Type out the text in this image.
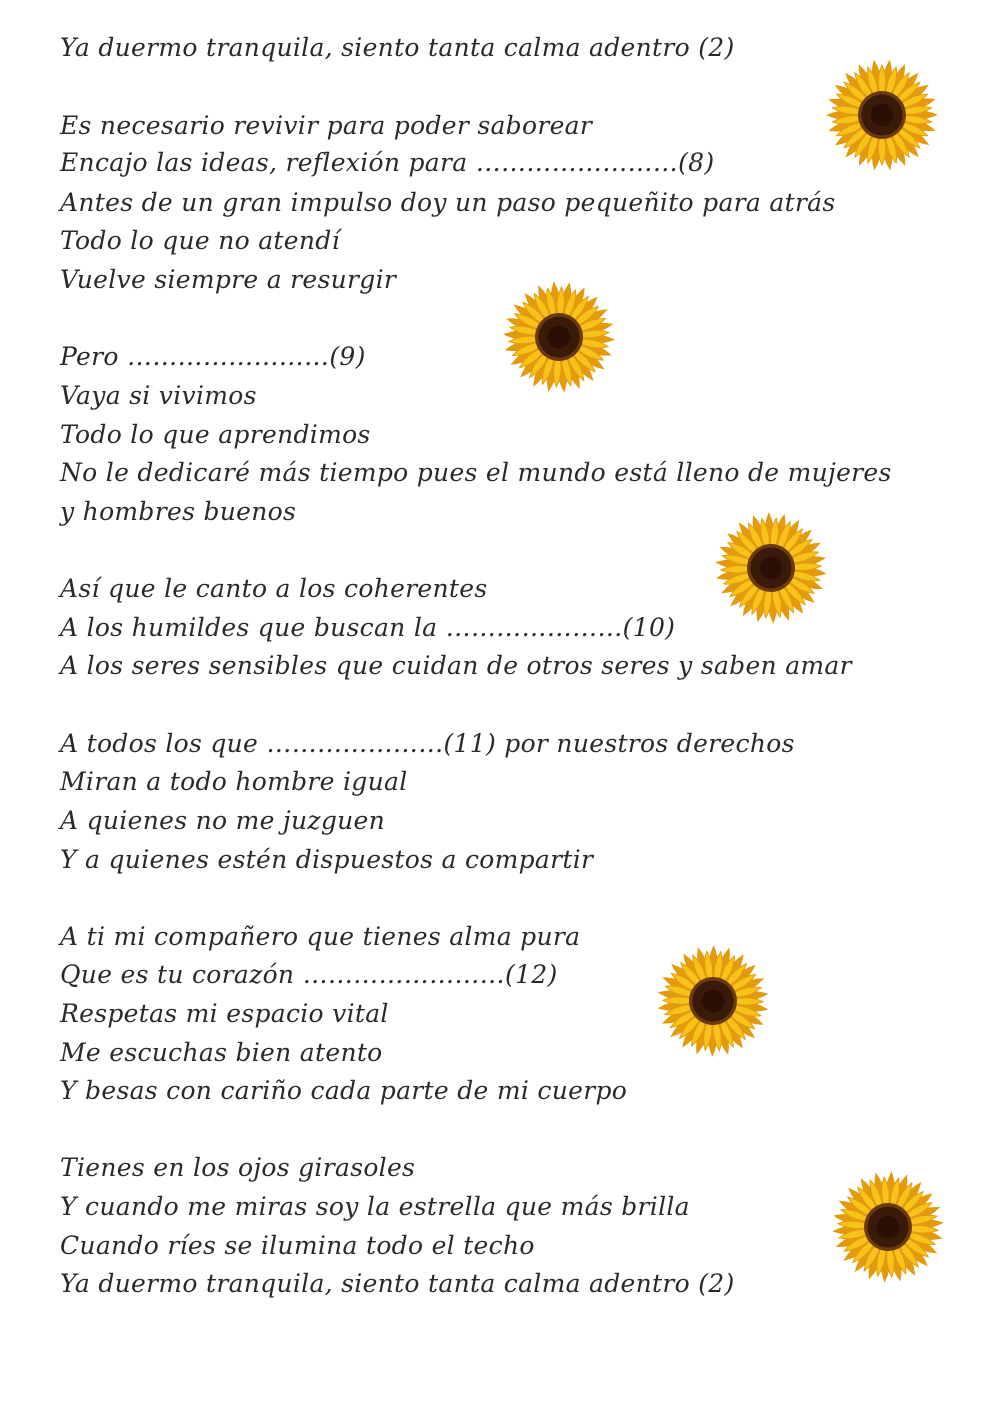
Ya duermo tranquila, siento tanta calma adentro (2)
Es necesario revivir para poder saborear
Encajo las ideas, reflexión para ……………………(8)
Antes de un gran impulso doy un paso pequeñito para atrás
Todo lo que no atendí
Vuelve siempre a resurgir
Pero ……………………(9)
Vaya si vivimos
Todo lo que aprendimos
No le dedicaré más tiempo pues el mundo está lleno de mujeres
y hombres buenos
Así que le canto a los coherentes
A los humildes que buscan la …………………(10)
A los seres sensibles que cuidan de otros seres y saben amar
A todos los que …………………(11) por nuestros derechos
Miran a todo hombre igual
A quienes no me juzguen
Y a quienes estén dispuestos a compartir
A ti mi compañero que tienes alma pura
Que es tu corazón ……………………(12)
Respetas mi espacio vital
Me escuchas bien atento
Y besas con cariño cada parte de mi cuerpo
Tienes en los ojos girasoles
Y cuando me miras soy la estrella que más brilla
Cuando ríes se ilumina todo el techo
Ya duermo tranquila, siento tanta calma adentro (2)
